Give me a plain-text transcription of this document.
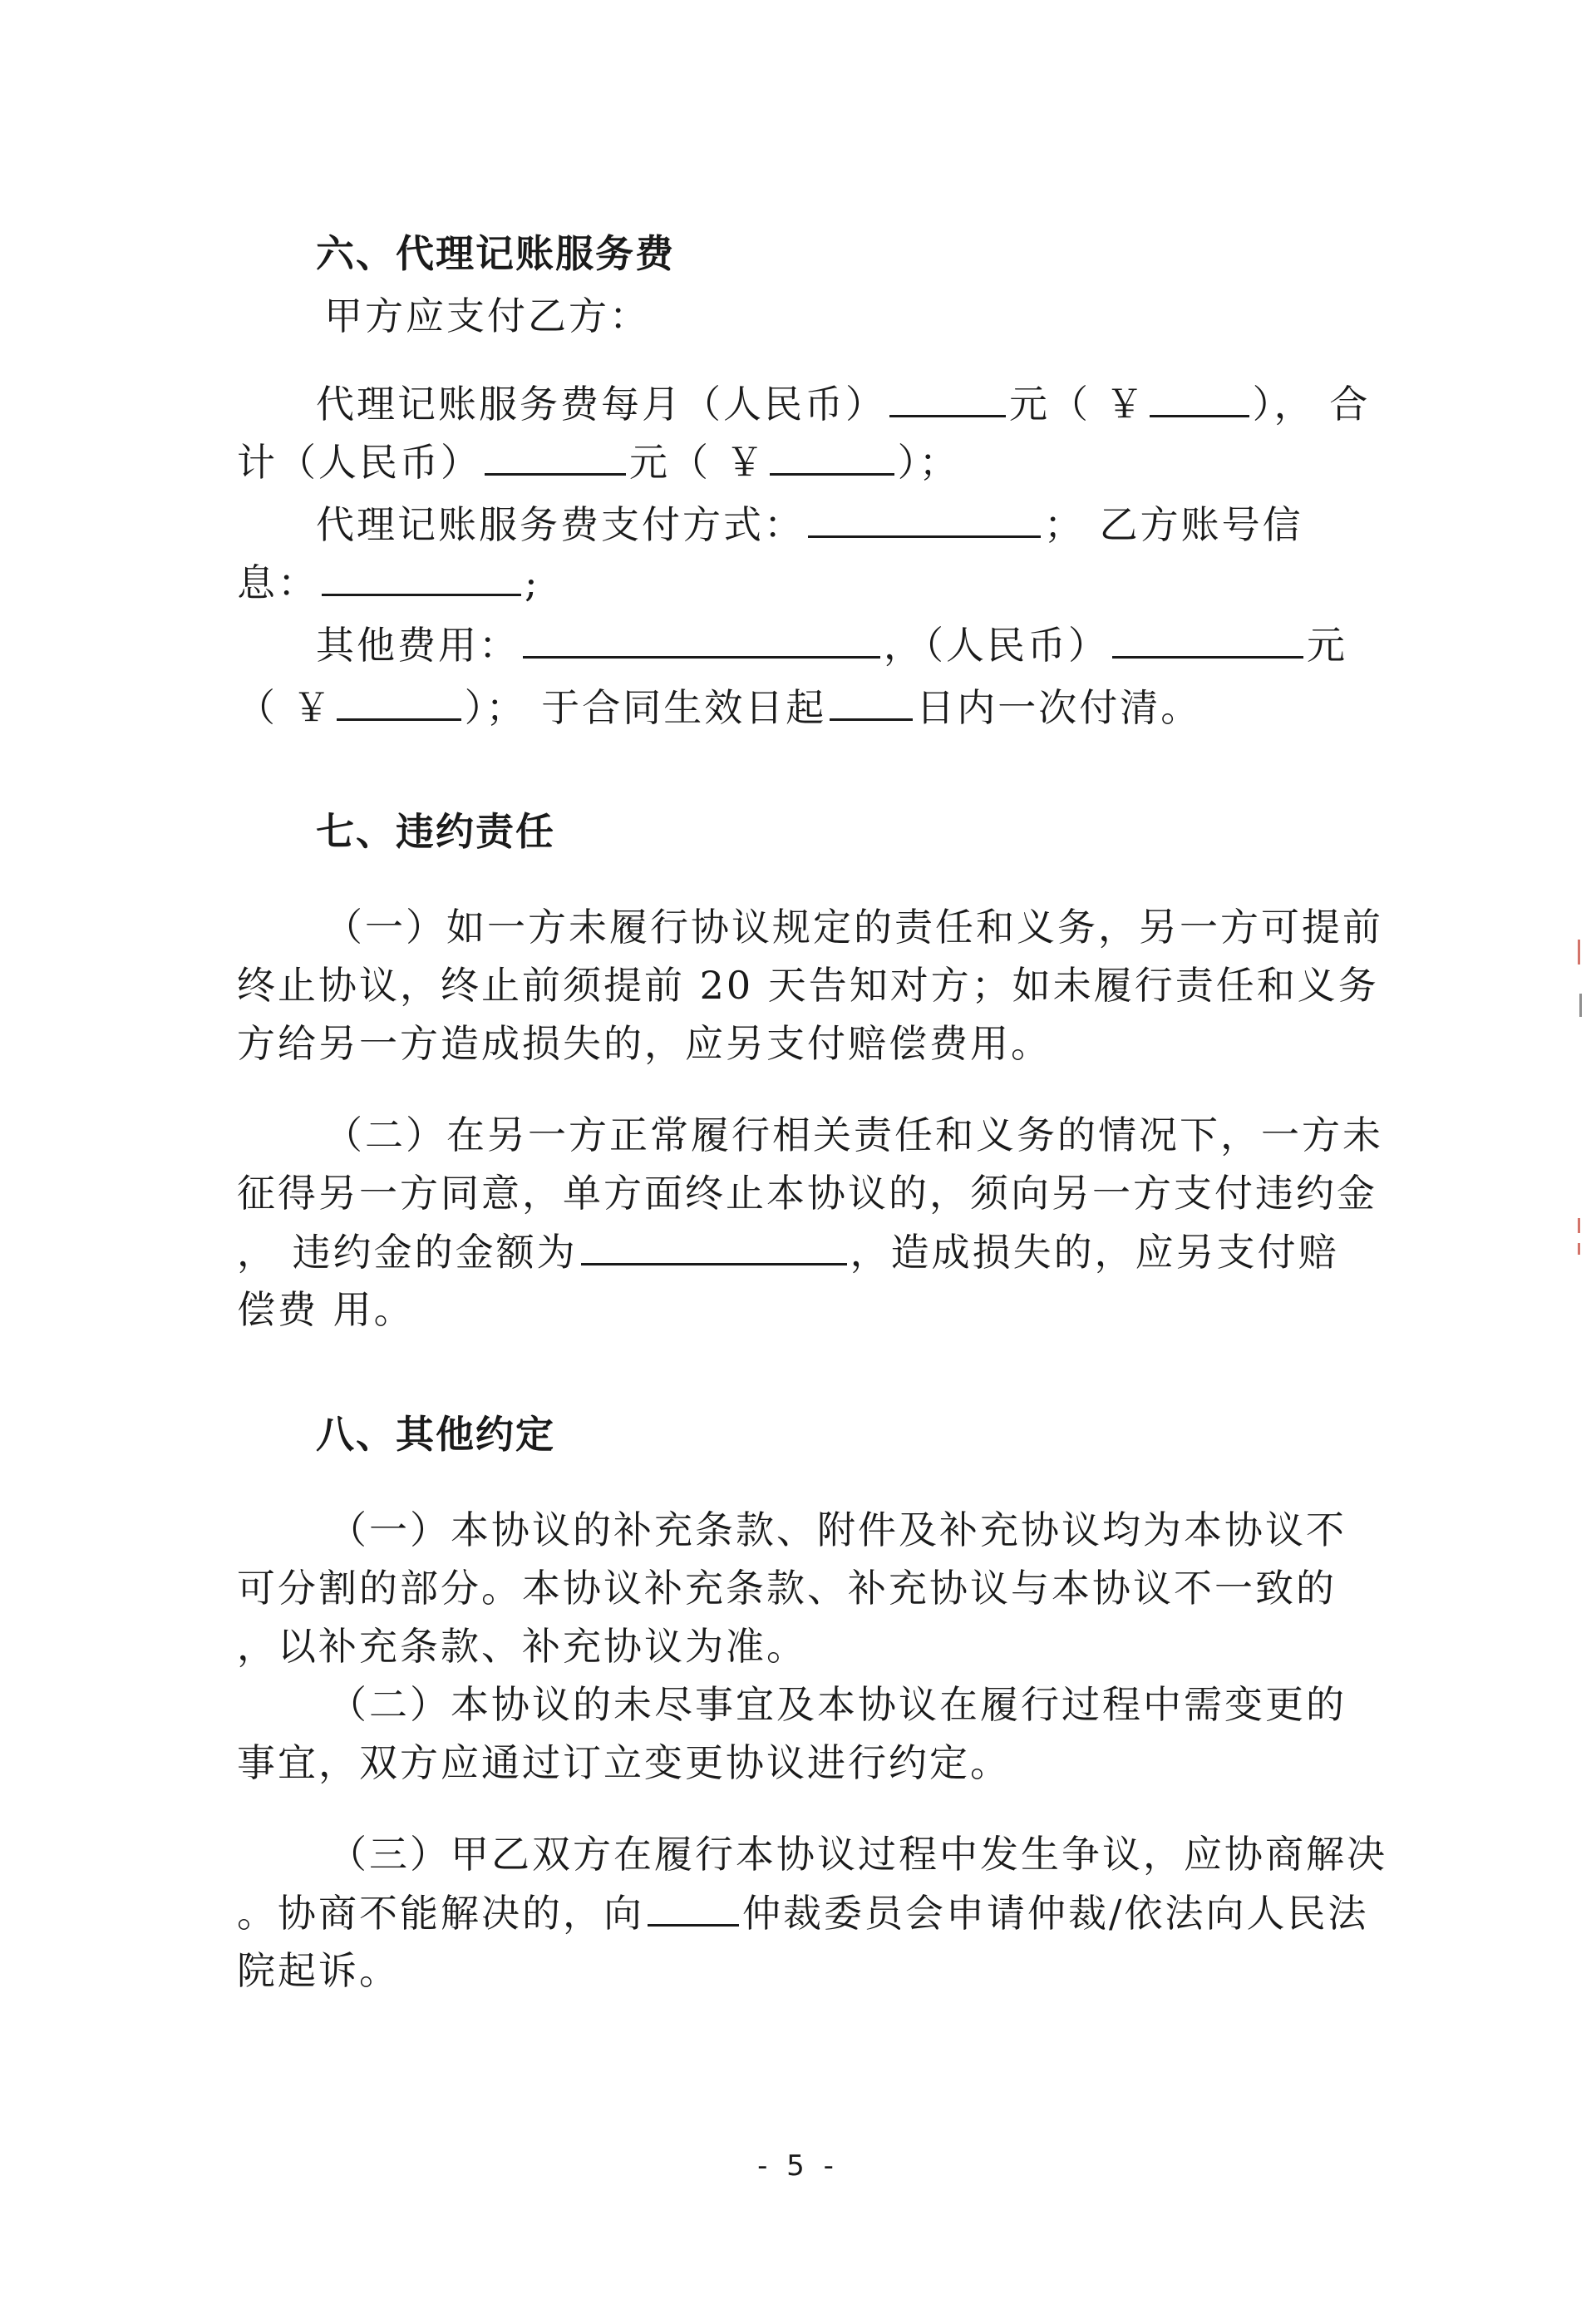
六、代理记账服务费
甲方应支付乙方：
代理记账服务费每月（人民币）	元（ ￥	）， 合
计（人民币）	元（ ￥	）；
代理记账服务费支付方式：	； 乙方账号信
息：	;
其他费用：	，（人民币）	元
（ ￥	）； 于合同生效日起 日内一次付清。
七、违约责任
（一）如一方未履行协议规定的责任和义务，另一方可提前
终止协议，终止前须提前 20 天告知对方；如未履行责任和义务
方给另一方造成损失的，应另支付赔偿费用。
（二）在另一方正常履行相关责任和义务的情况下，一方未
征得另一方同意，单方面终止本协议的，须向另一方支付违约金
， 违约金的金额为	，造成损失的，应另支付赔
偿费 用。
八、其他约定
（一）本协议的补充条款、附件及补充协议均为本协议不
可分割的部分。本协议补充条款、补充协议与本协议不一致的
，以补充条款、补充协议为准。
（二）本协议的未尽事宜及本协议在履行过程中需变更的
事宜，双方应通过订立变更协议进行约定。
（三）甲乙双方在履行本协议过程中发生争议，应协商解决
。协商不能解决的，向	仲裁委员会申请仲裁/依法向人民法
院起诉。
- 5 -
